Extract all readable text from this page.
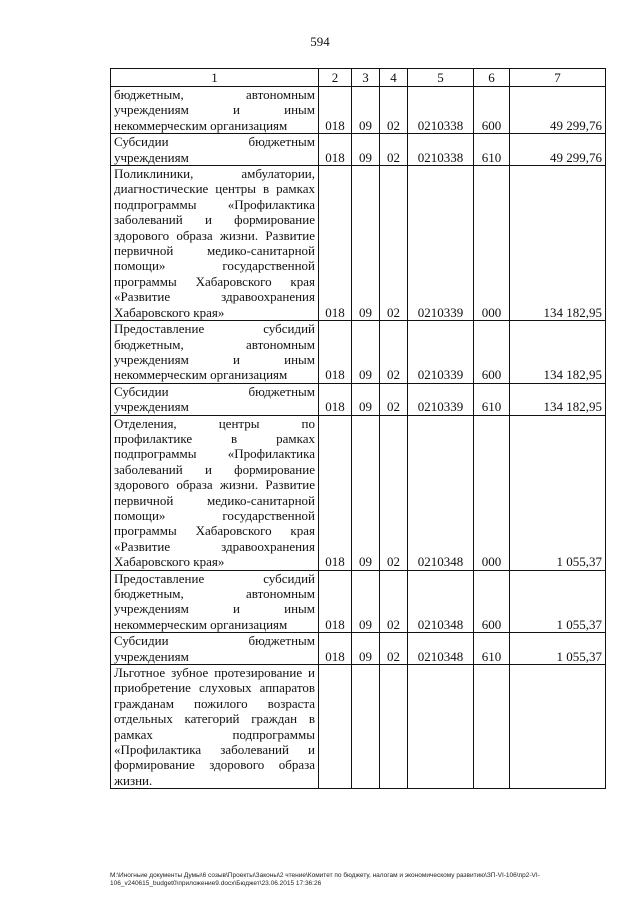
594
1	2	3	4	5	6	7
бюджетным, автономным учреждениям и иным некоммерческим организациям	018	09	02	0210338	600	49 299,76
Субсидии бюджетным учреждениям	018	09	02	0210338	610	49 299,76
Поликлиники, амбулатории, диагностические центры в рамках подпрограммы «Профилактика заболеваний и формирование здорового образа жизни. Развитие первичной медико-санитарной помощи» государственной программы Хабаровского края «Развитие здравоохранения Хабаровского края»	018	09	02	0210339	000	134 182,95
Предоставление субсидий бюджетным, автономным учреждениям и иным некоммерческим организациям	018	09	02	0210339	600	134 182,95
Субсидии бюджетным учреждениям	018	09	02	0210339	610	134 182,95
Отделения, центры по профилактике в рамках подпрограммы «Профилактика заболеваний и формирование здорового образа жизни. Развитие первичной медико-санитарной помощи» государственной программы Хабаровского края «Развитие здравоохранения Хабаровского края»	018	09	02	0210348	000	1 055,37
Предоставление субсидий бюджетным, автономным учреждениям и иным некоммерческим организациям	018	09	02	0210348	600	1 055,37
Субсидии бюджетным учреждениям	018	09	02	0210348	610	1 055,37
Льготное зубное протезирование и приобретение слуховых аппаратов гражданам пожилого возраста отдельных категорий граждан в рамках подпрограммы «Профилактика заболеваний и формирование здорового образа жизни.						
М:\Иногньие документы Думы\6 созыв\Проекты\Законы\2 чтение\Комитет по бюджету, налогам и экономическому развитию\ЗП-VI-106\пр2-VI-106_v240615_budget0\приложение9.docx\Бюджет\23.06.2015 17:36:26
